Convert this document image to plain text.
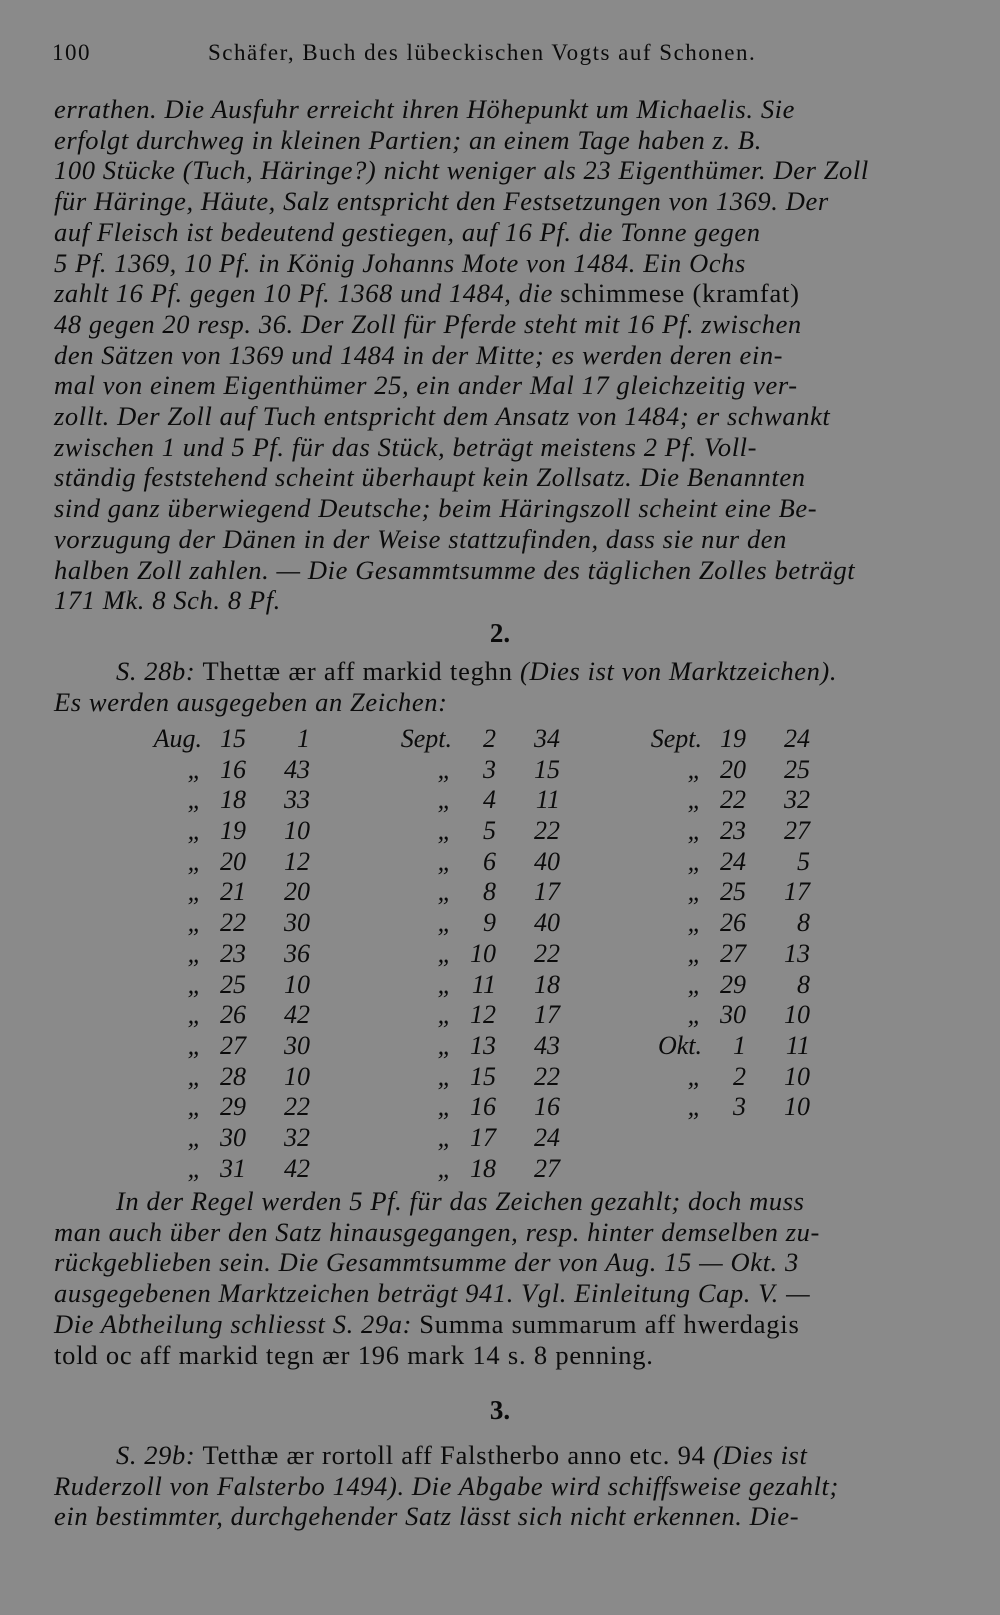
100	Schäfer, Buch des lübeckischen Vogts auf Schonen.
errathen. Die Ausfuhr erreicht ihren Höhepunkt um Michaelis. Sie
erfolgt durchweg in kleinen Partien; an einem Tage haben z. B.
100 Stücke (Tuch, Häringe?) nicht weniger als 23 Eigenthümer. Der Zoll
für Häringe, Häute, Salz entspricht den Festsetzungen von 1369. Der
auf Fleisch ist bedeutend gestiegen, auf 16 Pf. die Tonne gegen
5 Pf. 1369, 10 Pf. in König Johanns Mote von 1484. Ein Ochs
zahlt 16 Pf. gegen 10 Pf. 1368 und 1484, die schimmese (kramfat)
48 gegen 20 resp. 36. Der Zoll für Pferde steht mit 16 Pf. zwischen
den Sätzen von 1369 und 1484 in der Mitte; es werden deren ein-
mal von einem Eigenthümer 25, ein ander Mal 17 gleichzeitig ver-
zollt. Der Zoll auf Tuch entspricht dem Ansatz von 1484; er schwankt
zwischen 1 und 5 Pf. für das Stück, beträgt meistens 2 Pf. Voll-
ständig feststehend scheint überhaupt kein Zollsatz. Die Benannten
sind ganz überwiegend Deutsche; beim Häringszoll scheint eine Be-
vorzugung der Dänen in der Weise stattzufinden, dass sie nur den
halben Zoll zahlen. — Die Gesammtsumme des täglichen Zolles beträgt
171 Mk. 8 Sch. 8 Pf.
2.
S. 28b: Thettæ ær aff markid teghn (Dies ist von Marktzeichen).
Es werden ausgegeben an Zeichen:
Aug. 15	1
„ 16	43
„ 18	33
„ 19	10
„ 20	12
„ 21	20
„ 22	30
„ 23	36
„ 25	10
„ 26	42
„ 27	30
„ 28	10
„ 29	22
„ 30	32
„ 31	42
Sept.	2	34
„	3	15
„	4	11
„	5	22
„	6	40
„	8	17
„	9	40
„ 10	22
„ 11	18
„ 12	17
„ 13	43
„ 15	22
„ 16	16
„ 17	24
„ 18	27
Sept. 19	24
„ 20	25
„ 22	32
„ 23	27
„ 24	5
„ 25	17
„ 26	8
„ 27	13
„ 29	8
„ 30	10
Okt.	1	11
„	2	10
„	3	10
In der Regel werden 5 Pf. für das Zeichen gezahlt; doch muss
man auch über den Satz hinausgegangen, resp. hinter demselben zu-
rückgeblieben sein. Die Gesammtsumme der von Aug. 15 — Okt. 3
ausgegebenen Marktzeichen beträgt 941. Vgl. Einleitung Cap. V. —
Die Abtheilung schliesst S. 29a: Summa summarum aff hwerdagis
told oc aff markid tegn ær 196 mark 14 s. 8 penning.
3.
S. 29b: Tetthæ ær rortoll aff Falstherbo anno etc. 94 (Dies ist
Ruderzoll von Falsterbo 1494). Die Abgabe wird schiffsweise gezahlt;
ein bestimmter, durchgehender Satz lässt sich nicht erkennen. Die-
